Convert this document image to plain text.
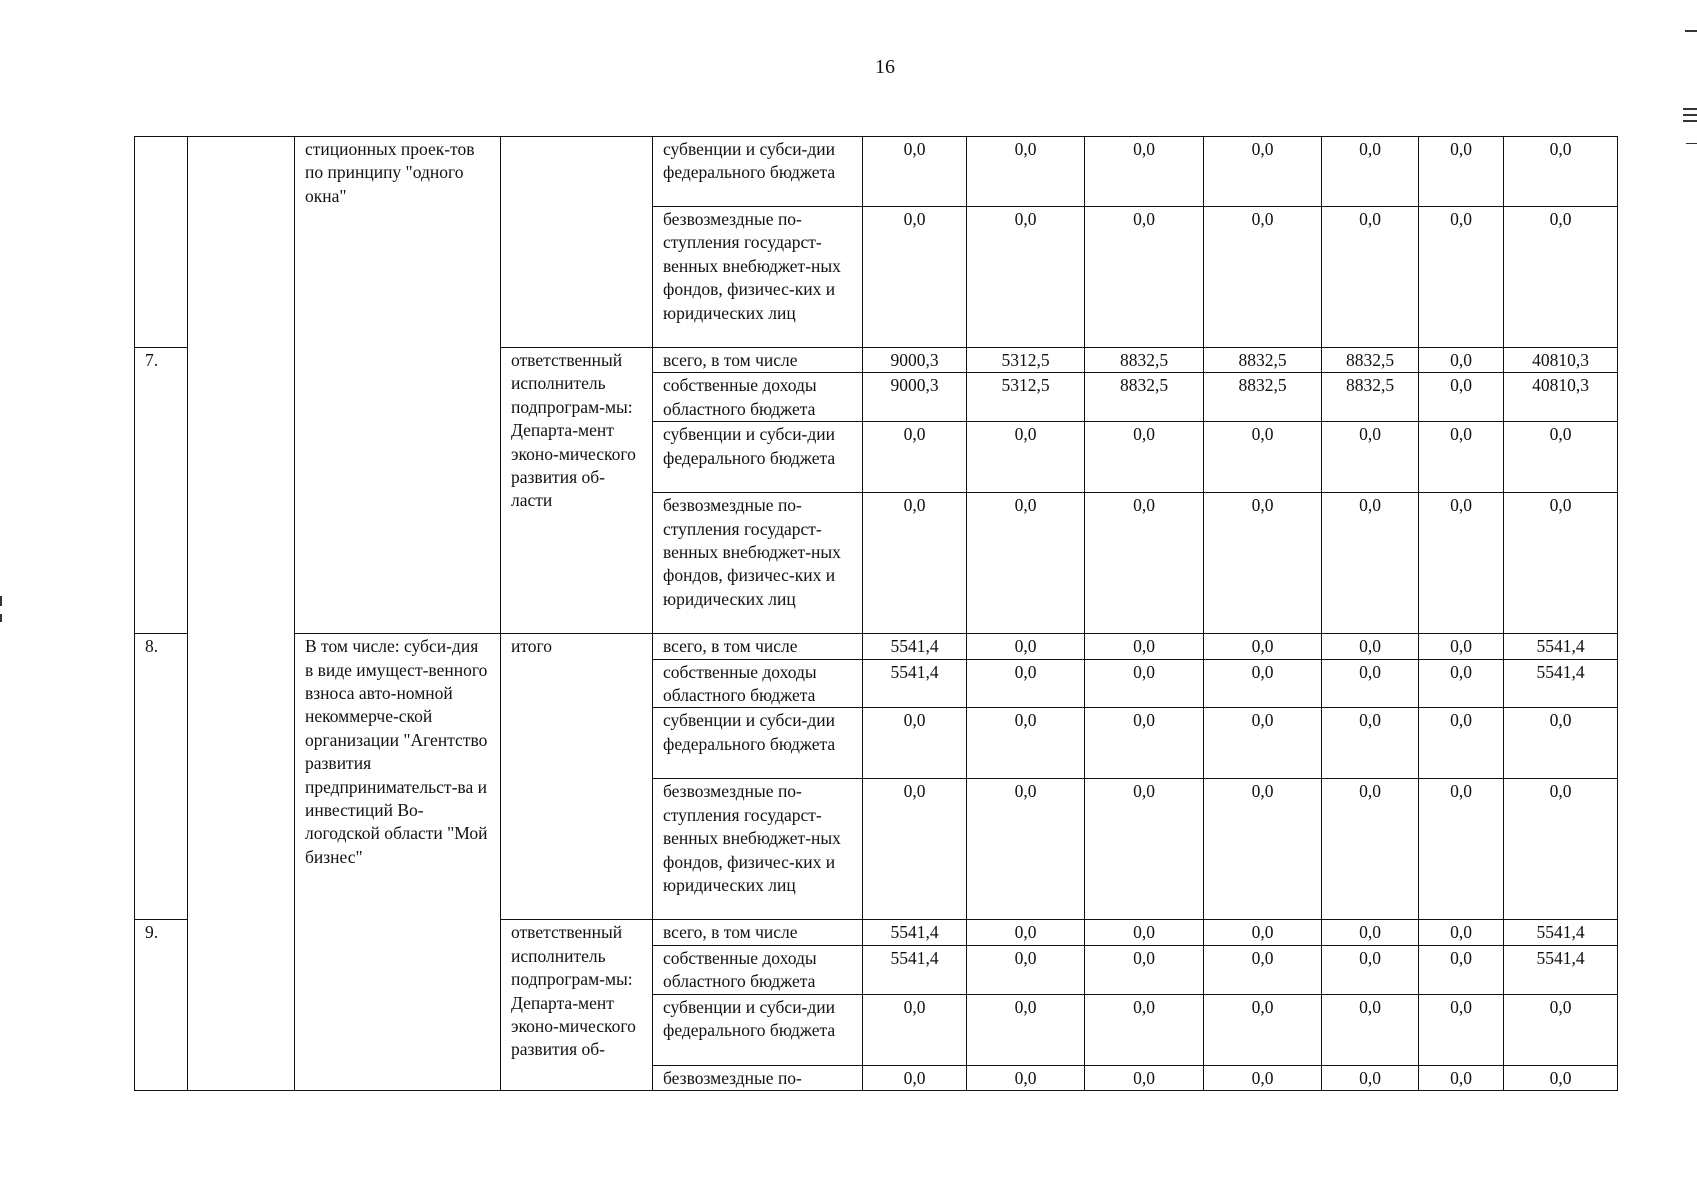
16
		стиционных проек-тов по принципу "одного окна"		субвенции и субси-дии федерального бюджета	0,0	0,0	0,0	0,0	0,0	0,0	0,0
				безвозмездные по-ступления государст-венных внебюджет-ных фондов, физичес-ких и юридических лиц	0,0	0,0	0,0	0,0	0,0	0,0	0,0
7.			ответственный исполнитель подпрограм-мы: Департа-мент эконо-мического развития об-ласти	всего, в том числе	9000,3	5312,5	8832,5	8832,5	8832,5	0,0	40810,3
				собственные доходы областного бюджета	9000,3	5312,5	8832,5	8832,5	8832,5	0,0	40810,3
				субвенции и субси-дии федерального бюджета	0,0	0,0	0,0	0,0	0,0	0,0	0,0
				безвозмездные по-ступления государст-венных внебюджет-ных фондов, физичес-ких и юридических лиц	0,0	0,0	0,0	0,0	0,0	0,0	0,0
8.		В том числе: субси-дия в виде имущест-венного взноса авто-номной некоммерче-ской организации "Агентство развития предпринимательст-ва и инвестиций Во-логодской области "Мой бизнес"	итого	всего, в том числе	5541,4	0,0	0,0	0,0	0,0	0,0	5541,4
				собственные доходы областного бюджета	5541,4	0,0	0,0	0,0	0,0	0,0	5541,4
				субвенции и субси-дии федерального бюджета	0,0	0,0	0,0	0,0	0,0	0,0	0,0
				безвозмездные по-ступления государст-венных внебюджет-ных фондов, физичес-ких и юридических лиц	0,0	0,0	0,0	0,0	0,0	0,0	0,0
9.			ответственный исполнитель подпрограм-мы: Департа-мент эконо-мического развития об-	всего, в том числе	5541,4	0,0	0,0	0,0	0,0	0,0	5541,4
				собственные доходы областного бюджета	5541,4	0,0	0,0	0,0	0,0	0,0	5541,4
				субвенции и субси-дии федерального бюджета	0,0	0,0	0,0	0,0	0,0	0,0	0,0
				безвозмездные по-	0,0	0,0	0,0	0,0	0,0	0,0	0,0
